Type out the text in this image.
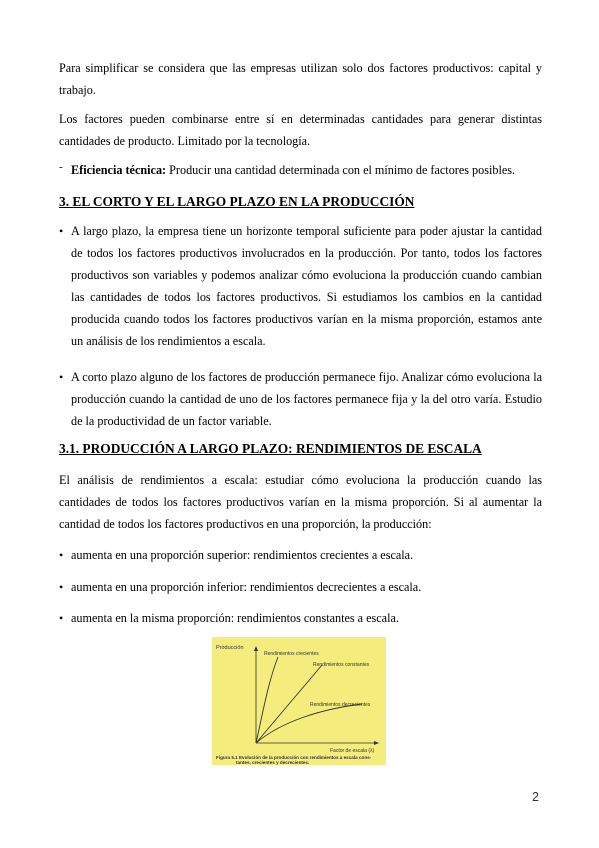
Para simplificar se considera que las empresas utilizan solo dos factores productivos: capital y trabajo.

Los factores pueden combinarse entre sí en determinadas cantidades para generar distintas cantidades de producto. Limitado por la tecnología.

- Eficiencia técnica: Producir una cantidad determinada con el mínimo de factores posibles.

3. EL CORTO Y EL LARGO PLAZO EN LA PRODUCCIÓN

• A largo plazo, la empresa tiene un horizonte temporal suficiente para poder ajustar la cantidad de todos los factores productivos involucrados en la producción. Por tanto, todos los factores productivos son variables y podemos analizar cómo evoluciona la producción cuando cambian las cantidades de todos los factores productivos. Si estudiamos los cambios en la cantidad producida cuando todos los factores productivos varían en la misma proporción, estamos ante un análisis de los rendimientos a escala.
• A corto plazo alguno de los factores de producción permanece fijo. Analizar cómo evoluciona la producción cuando la cantidad de uno de los factores permanece fija y la del otro varía. Estudio de la productividad de un factor variable.

3.1. PRODUCCIÓN A LARGO PLAZO: RENDIMIENTOS DE ESCALA

El análisis de rendimientos a escala: estudiar cómo evoluciona la producción cuando las cantidades de todos los factores productivos varían en la misma proporción. Si al aumentar la cantidad de todos los factores productivos en una proporción, la producción:

• aumenta en una proporción superior: rendimientos crecientes a escala.
• aumenta en una proporción inferior: rendimientos decrecientes a escala.
• aumenta en la misma proporción: rendimientos constantes a escala.
Producción
Rendimientos crecientes
Rendimientos constantes
Rendimientos decrecientes
Factor de escala (λ)
Figura 5.1 Evolución de la producción con rendimientos a escala cons-
tantes, crecientes y decrecientes.
2
